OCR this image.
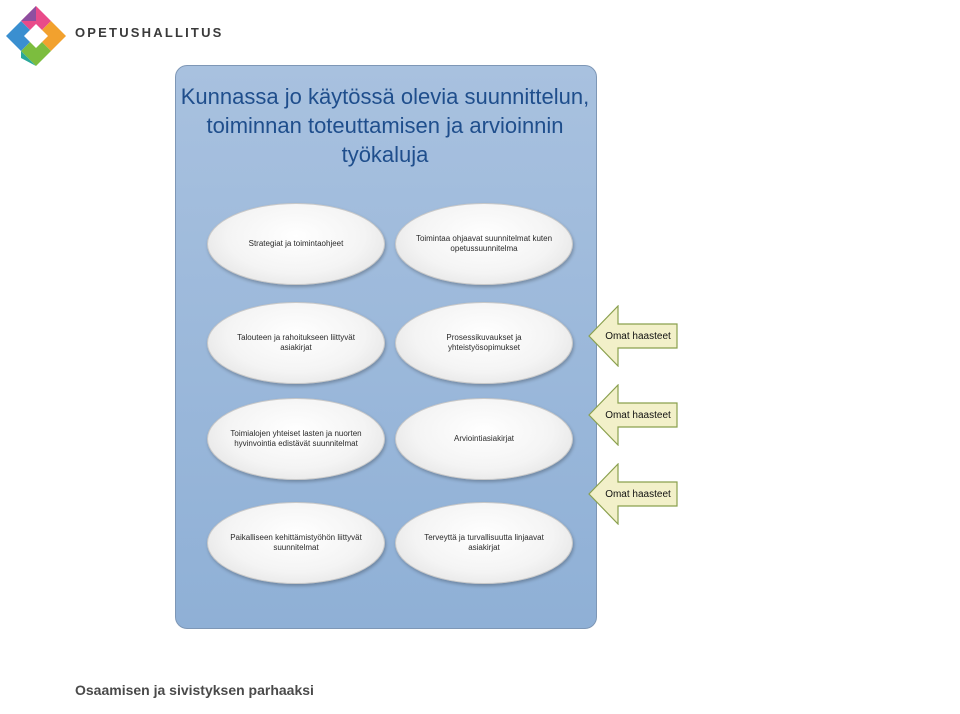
OPETUSHALLITUS
Kunnassa jo käytössä olevia suunnittelun, toiminnan toteuttamisen ja arvioinnin työkaluja
Strategiat ja toimintaohjeet
Toimintaa ohjaavat suunnitelmat kuten opetussuunnitelma
Talouteen ja rahoitukseen liittyvät asiakirjat
Prosessikuvaukset ja yhteistyösopimukset
Toimialojen yhteiset lasten ja nuorten hyvinvointia edistävät suunnitelmat
Arviointiasiakirjat
Paikalliseen kehittämistyöhön liittyvät suunnitelmat
Terveyttä ja turvallisuutta linjaavat asiakirjat
Omat haasteet
Omat haasteet
Omat haasteet
Osaamisen ja sivistyksen parhaaksi
